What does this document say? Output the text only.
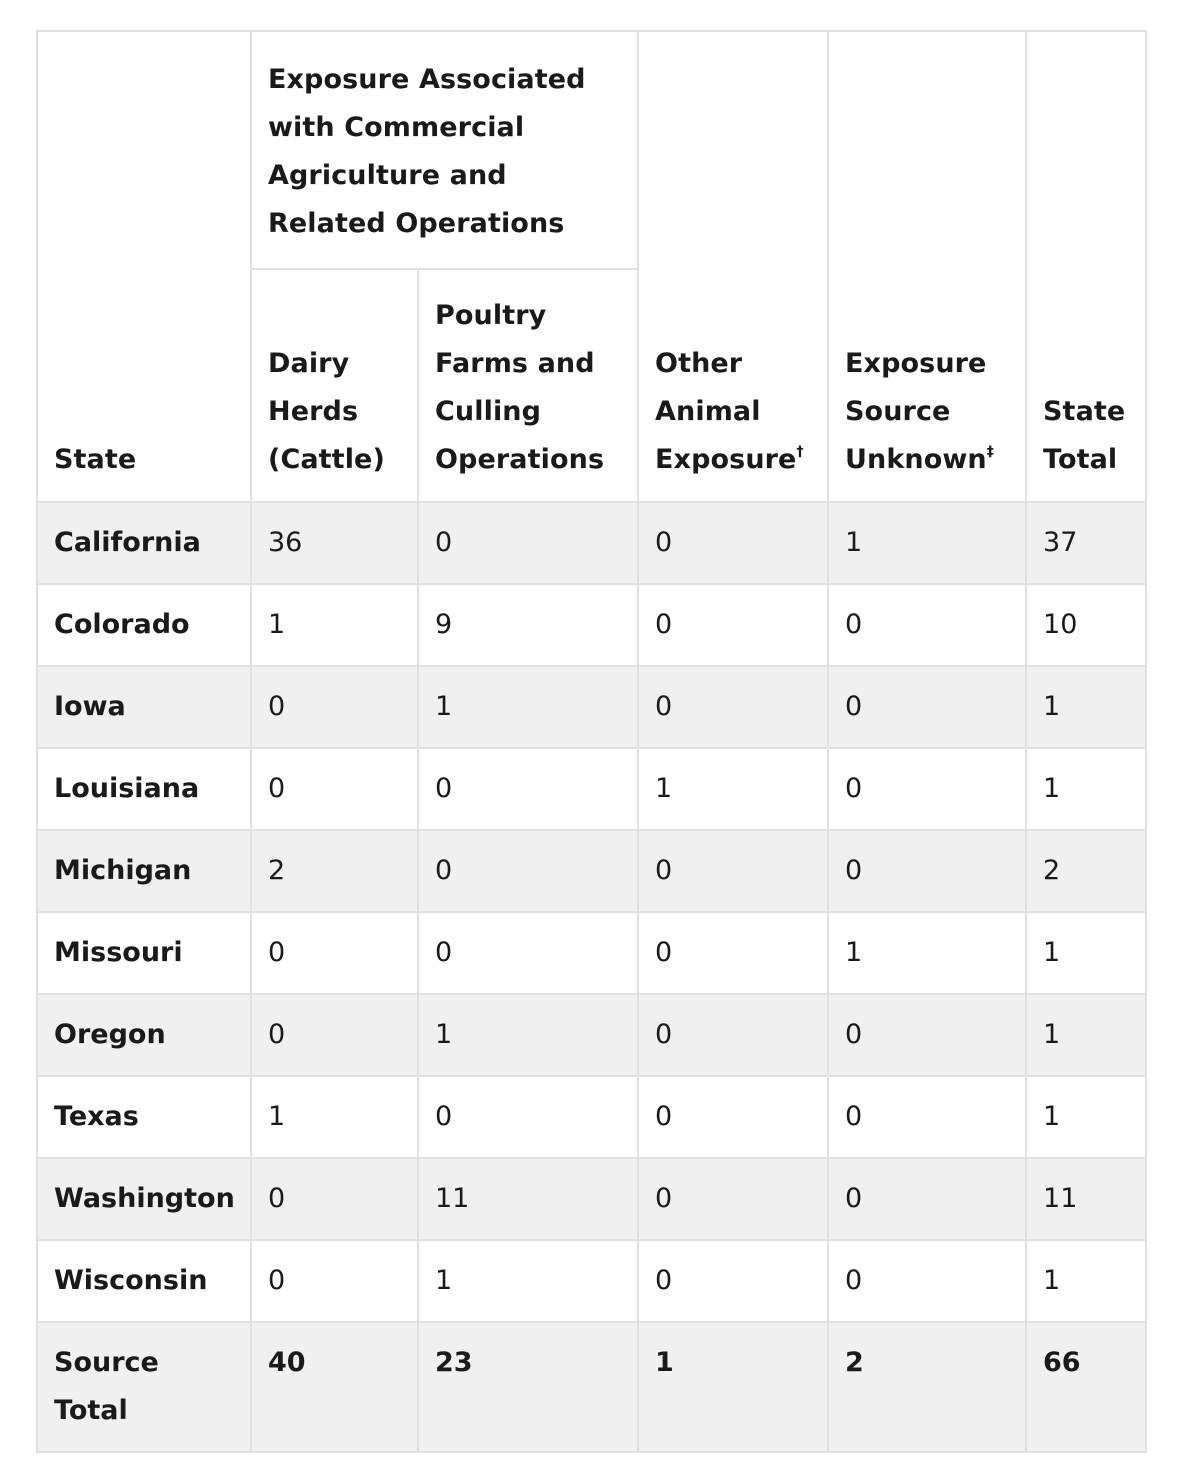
State	Exposure Associated with Commercial Agriculture and Related Operations		Other Animal Exposure†	Exposure Source Unknown‡	State Total
	Dairy Herds (Cattle)	Poultry Farms and Culling Operations			
California	36	0	0	1	37
Colorado	1	9	0	0	10
Iowa	0	1	0	0	1
Louisiana	0	0	1	0	1
Michigan	2	0	0	0	2
Missouri	0	0	0	1	1
Oregon	0	1	0	0	1
Texas	1	0	0	0	1
Washington	0	11	0	0	11
Wisconsin	0	1	0	0	1
Source
Total	40	23	1	2	66
